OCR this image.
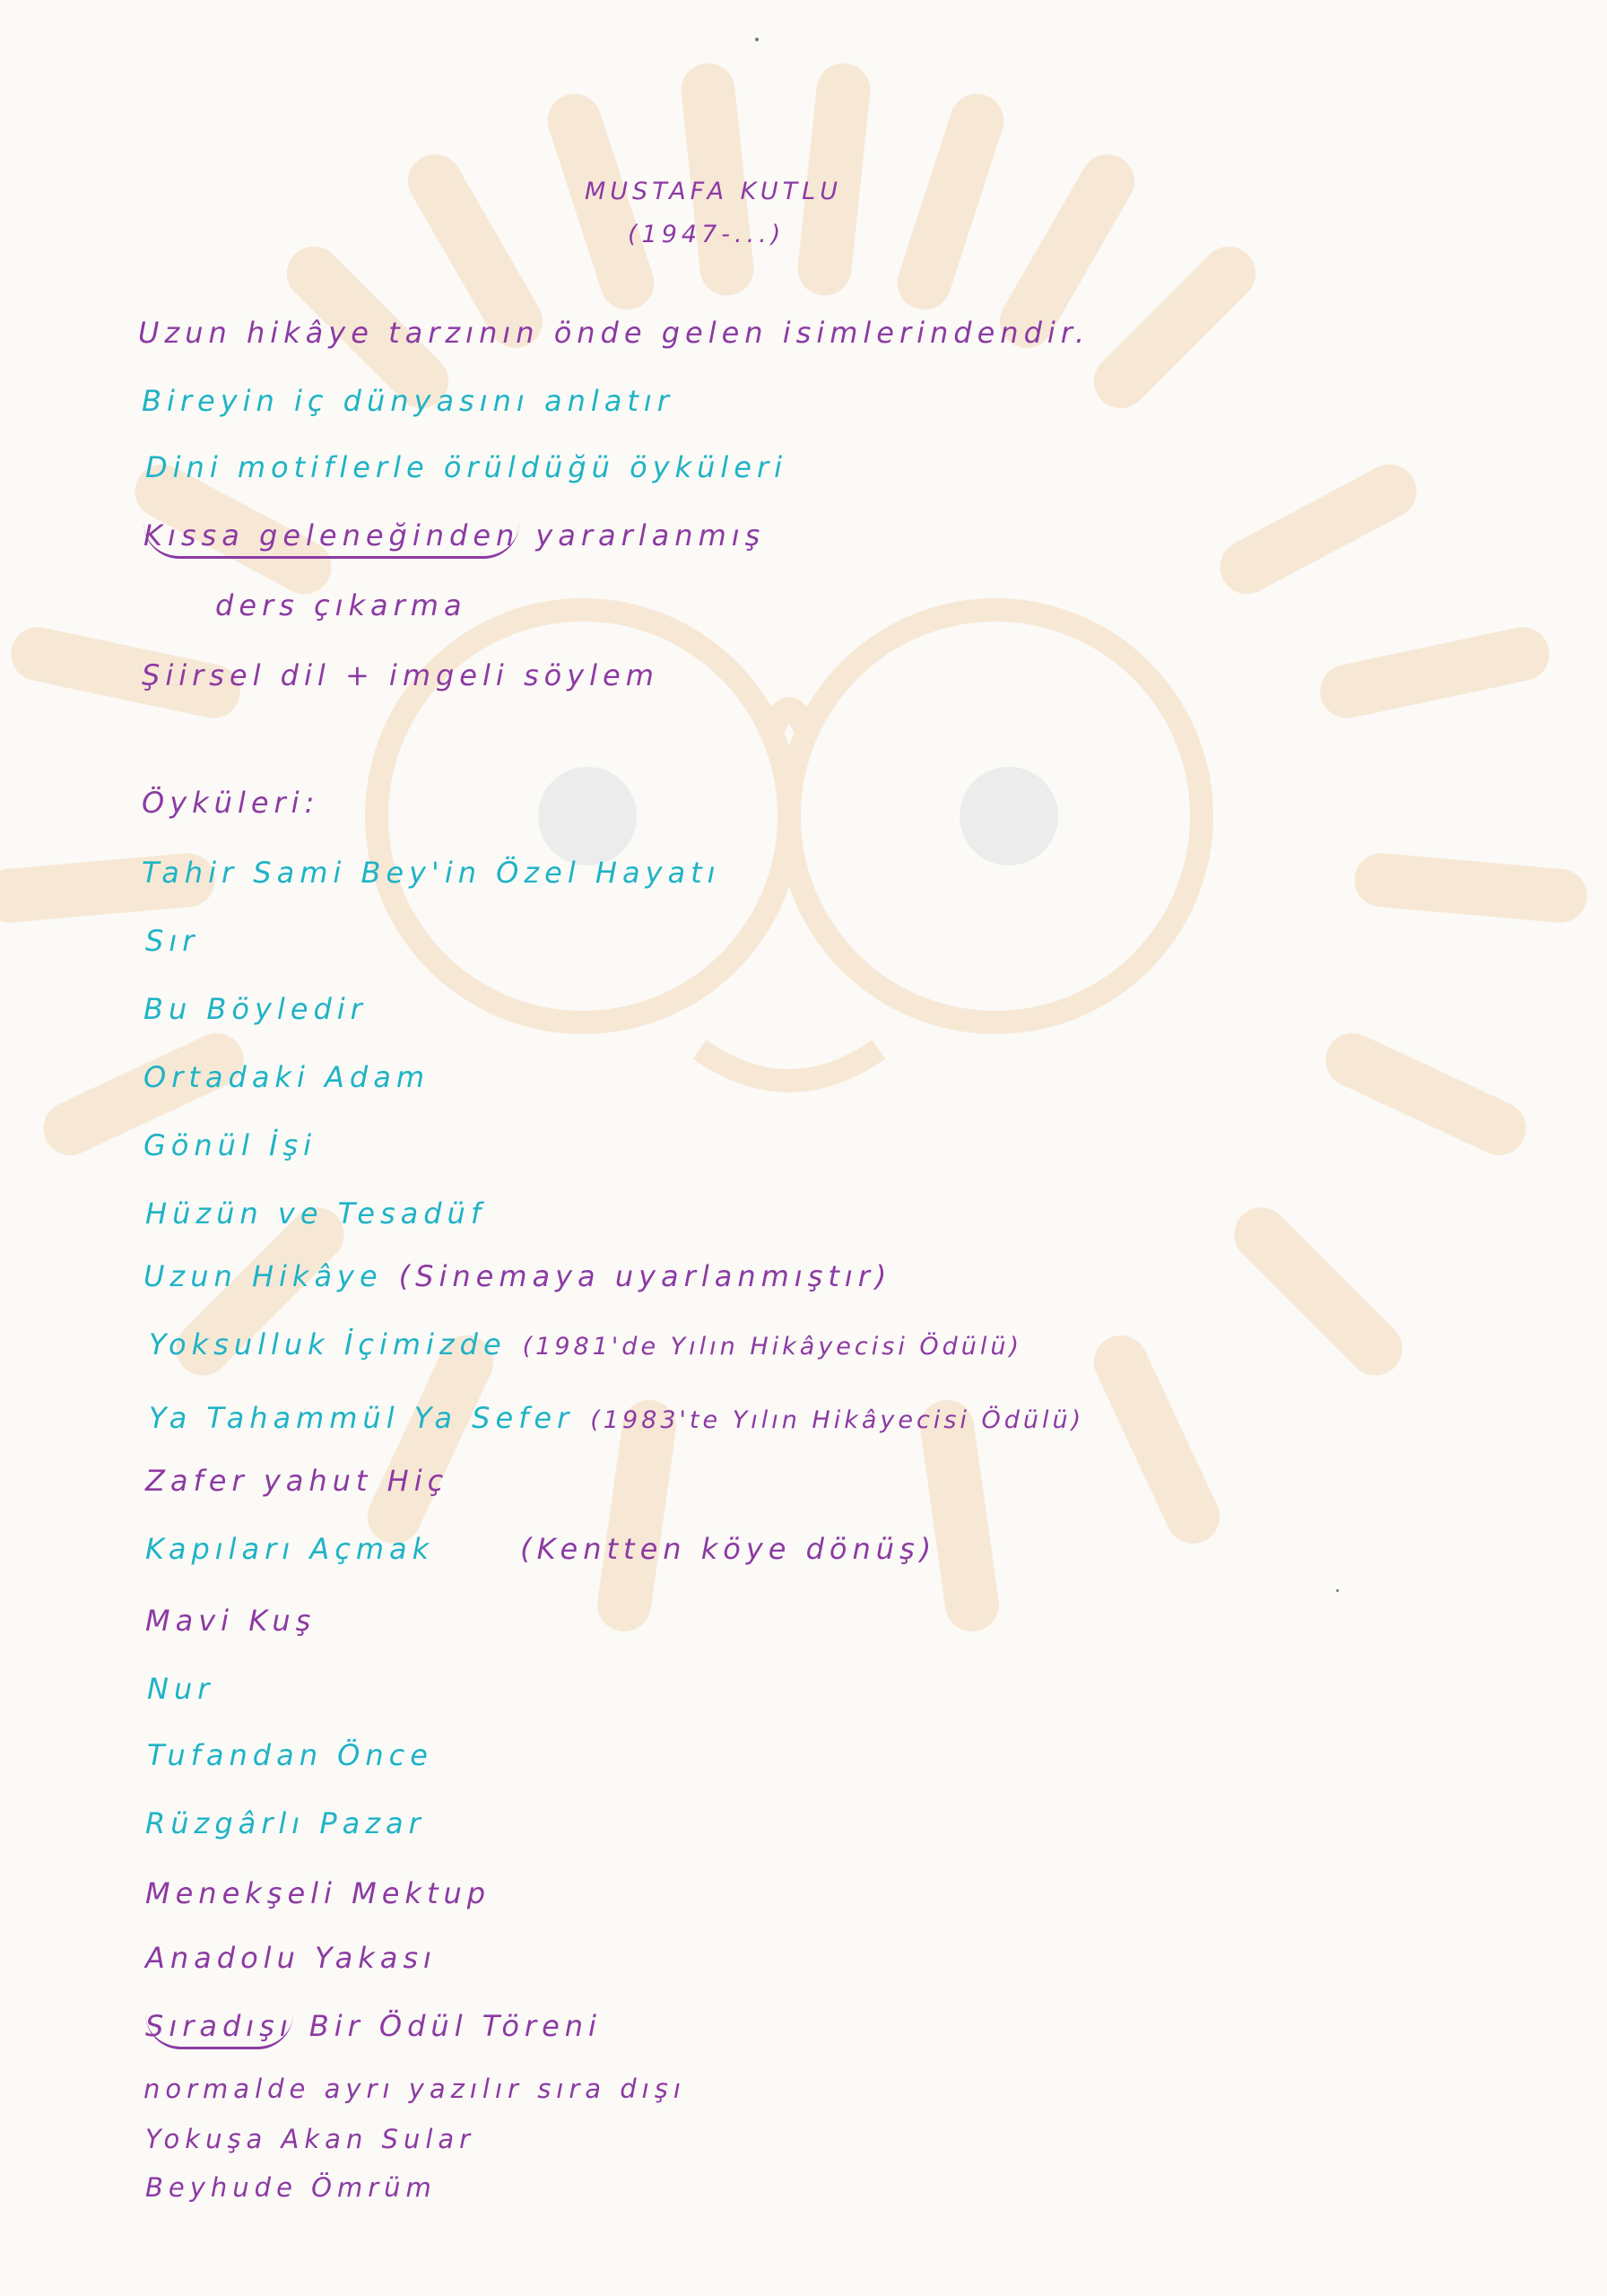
MUSTAFA KUTLU
(1947-...)
Uzun hikâye tarzının önde gelen isimlerindendir.
Bireyin iç dünyasını anlatır
Dini motiflerle örüldüğü öyküleri
Kıssa geleneğinden yararlanmış
ders çıkarma
Şiirsel dil + imgeli söylem
Öyküleri:
Tahir Sami Bey'in Özel Hayatı
Sır
Bu Böyledir
Ortadaki Adam
Gönül İşi
Hüzün ve Tesadüf
Uzun Hikâye (Sinemaya uyarlanmıştır)
Yoksulluk İçimizde (1981'de Yılın Hikâyecisi Ödülü)
Ya Tahammül Ya Sefer (1983'te Yılın Hikâyecisi Ödülü)
Zafer yahut Hiç
Kapıları Açmak	(Kentten köye dönüş)
Mavi Kuş
Nur
Tufandan Önce
Rüzgârlı Pazar
Menekşeli Mektup
Anadolu Yakası
Sıradışı Bir Ödül Töreni
normalde ayrı yazılır sıra dışı
Yokuşa Akan Sular
Beyhude Ömrüm
